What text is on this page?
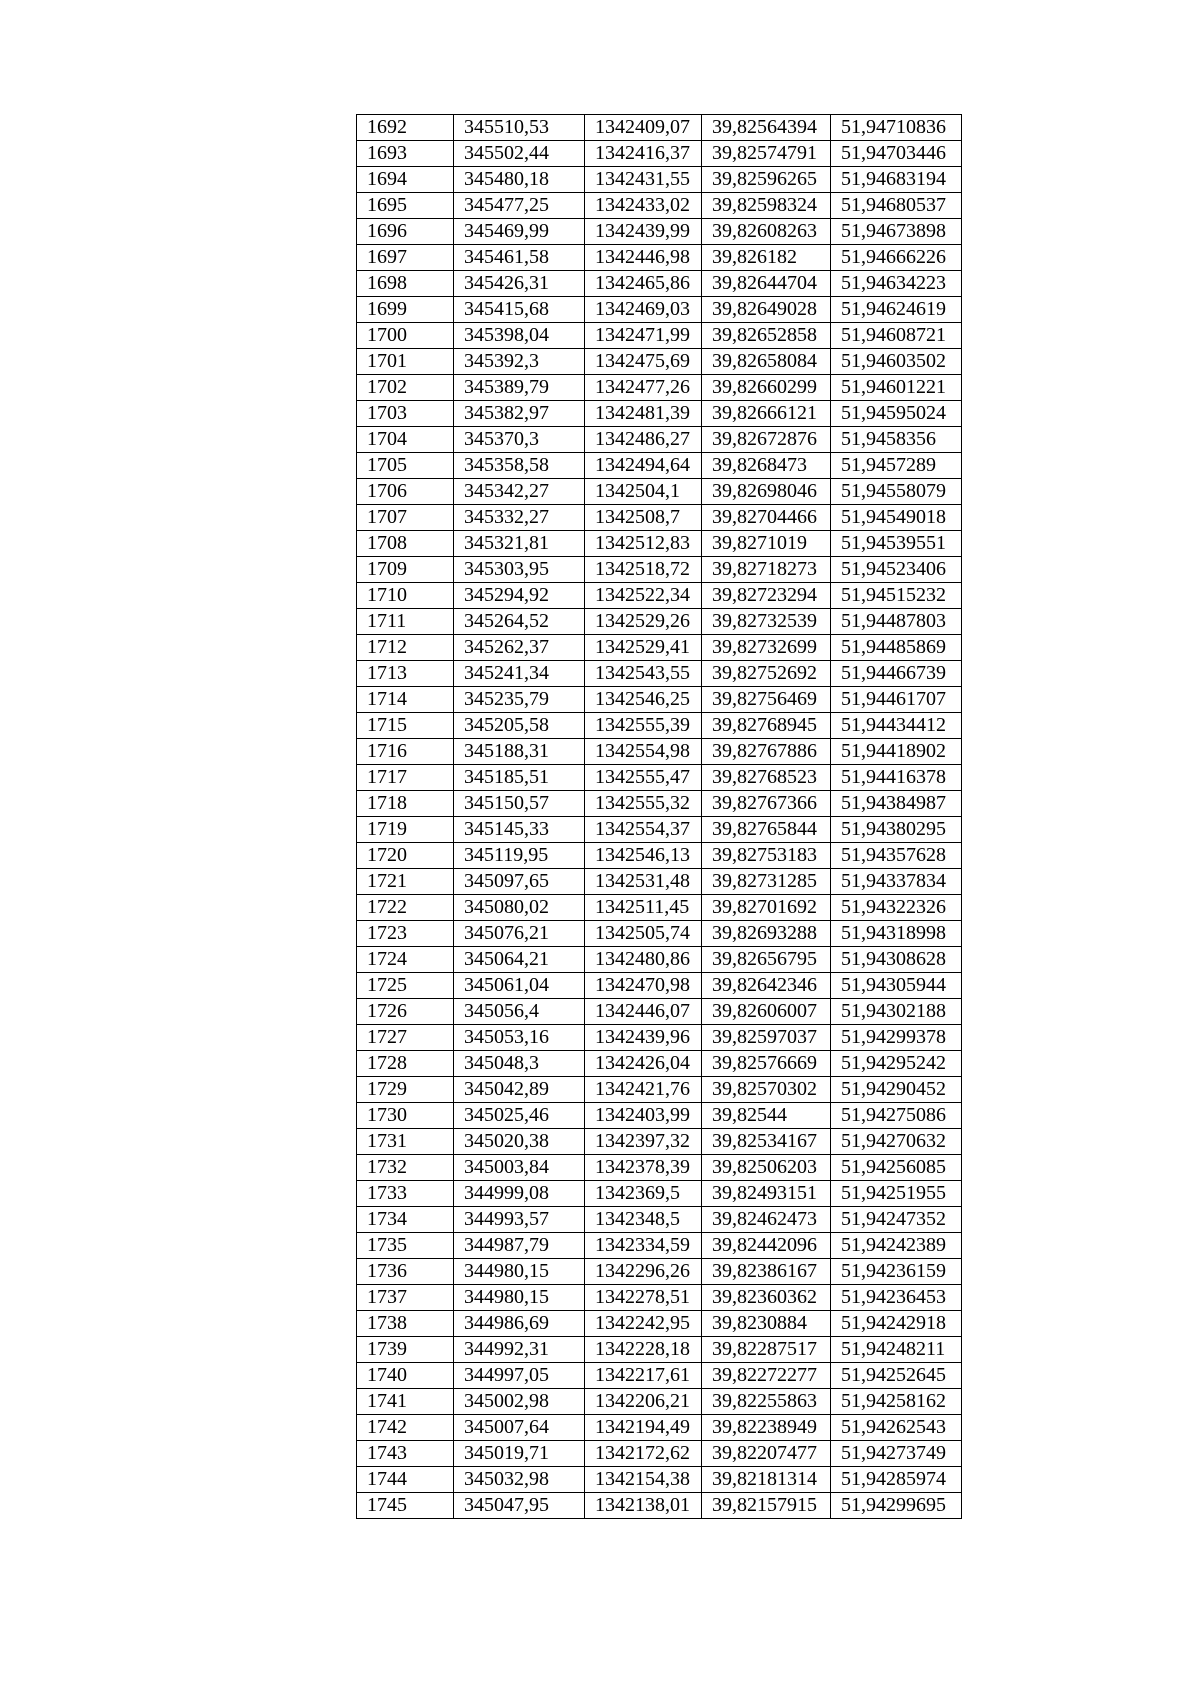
1692	345510,53	1342409,07	39,82564394	51,94710836
1693	345502,44	1342416,37	39,82574791	51,94703446
1694	345480,18	1342431,55	39,82596265	51,94683194
1695	345477,25	1342433,02	39,82598324	51,94680537
1696	345469,99	1342439,99	39,82608263	51,94673898
1697	345461,58	1342446,98	39,826182	51,94666226
1698	345426,31	1342465,86	39,82644704	51,94634223
1699	345415,68	1342469,03	39,82649028	51,94624619
1700	345398,04	1342471,99	39,82652858	51,94608721
1701	345392,3	1342475,69	39,82658084	51,94603502
1702	345389,79	1342477,26	39,82660299	51,94601221
1703	345382,97	1342481,39	39,82666121	51,94595024
1704	345370,3	1342486,27	39,82672876	51,9458356
1705	345358,58	1342494,64	39,8268473	51,9457289
1706	345342,27	1342504,1	39,82698046	51,94558079
1707	345332,27	1342508,7	39,82704466	51,94549018
1708	345321,81	1342512,83	39,8271019	51,94539551
1709	345303,95	1342518,72	39,82718273	51,94523406
1710	345294,92	1342522,34	39,82723294	51,94515232
1711	345264,52	1342529,26	39,82732539	51,94487803
1712	345262,37	1342529,41	39,82732699	51,94485869
1713	345241,34	1342543,55	39,82752692	51,94466739
1714	345235,79	1342546,25	39,82756469	51,94461707
1715	345205,58	1342555,39	39,82768945	51,94434412
1716	345188,31	1342554,98	39,82767886	51,94418902
1717	345185,51	1342555,47	39,82768523	51,94416378
1718	345150,57	1342555,32	39,82767366	51,94384987
1719	345145,33	1342554,37	39,82765844	51,94380295
1720	345119,95	1342546,13	39,82753183	51,94357628
1721	345097,65	1342531,48	39,82731285	51,94337834
1722	345080,02	1342511,45	39,82701692	51,94322326
1723	345076,21	1342505,74	39,82693288	51,94318998
1724	345064,21	1342480,86	39,82656795	51,94308628
1725	345061,04	1342470,98	39,82642346	51,94305944
1726	345056,4	1342446,07	39,82606007	51,94302188
1727	345053,16	1342439,96	39,82597037	51,94299378
1728	345048,3	1342426,04	39,82576669	51,94295242
1729	345042,89	1342421,76	39,82570302	51,94290452
1730	345025,46	1342403,99	39,82544	51,94275086
1731	345020,38	1342397,32	39,82534167	51,94270632
1732	345003,84	1342378,39	39,82506203	51,94256085
1733	344999,08	1342369,5	39,82493151	51,94251955
1734	344993,57	1342348,5	39,82462473	51,94247352
1735	344987,79	1342334,59	39,82442096	51,94242389
1736	344980,15	1342296,26	39,82386167	51,94236159
1737	344980,15	1342278,51	39,82360362	51,94236453
1738	344986,69	1342242,95	39,8230884	51,94242918
1739	344992,31	1342228,18	39,82287517	51,94248211
1740	344997,05	1342217,61	39,82272277	51,94252645
1741	345002,98	1342206,21	39,82255863	51,94258162
1742	345007,64	1342194,49	39,82238949	51,94262543
1743	345019,71	1342172,62	39,82207477	51,94273749
1744	345032,98	1342154,38	39,82181314	51,94285974
1745	345047,95	1342138,01	39,82157915	51,94299695
